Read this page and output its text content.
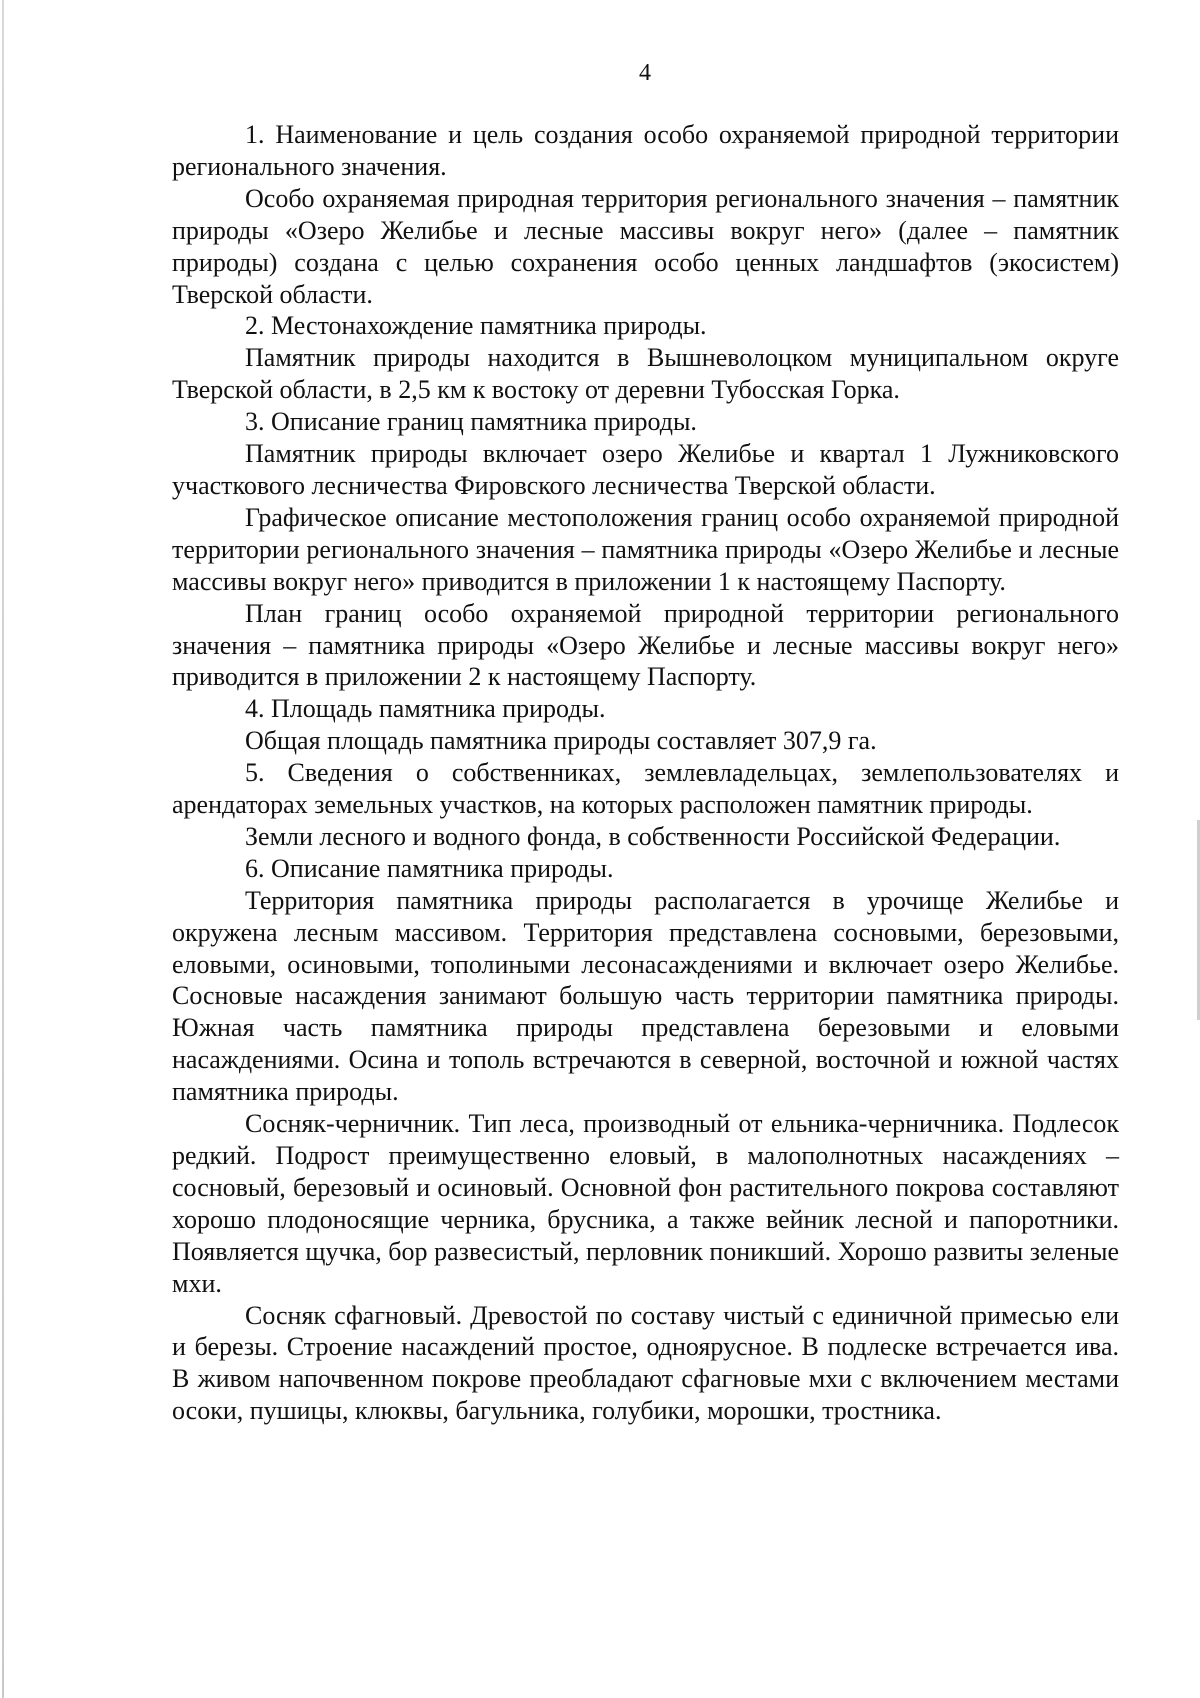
4

1. Наименование и цель создания особо охраняемой природной территории регионального значения.

Особо охраняемая природная территория регионального значения – памятник природы «Озеро Желибье и лесные массивы вокруг него» (далее – памятник природы) создана с целью сохранения особо ценных ландшафтов (экосистем) Тверской области.

2. Местонахождение памятника природы.

Памятник природы находится в Вышневолоцком муниципальном округе Тверской области, в 2,5 км к востоку от деревни Тубосская Горка.

3. Описание границ памятника природы.

Памятник природы включает озеро Желибье и квартал 1 Лужниковского участкового лесничества Фировского лесничества Тверской области.

Графическое описание местоположения границ особо охраняемой природной территории регионального значения – памятника природы «Озеро Желибье и лесные массивы вокруг него» приводится в приложении 1 к настоящему Паспорту.

План границ особо охраняемой природной территории регионального значения – памятника природы «Озеро Желибье и лесные массивы вокруг него» приводится в приложении 2 к настоящему Паспорту.

4. Площадь памятника природы.

Общая площадь памятника природы составляет 307,9 га.

5. Сведения о собственниках, землевладельцах, землепользователях и арендаторах земельных участков, на которых расположен памятник природы.

Земли лесного и водного фонда, в собственности Российской Федерации.

6. Описание памятника природы.

Территория памятника природы располагается в урочище Желибье и окружена лесным массивом. Территория представлена сосновыми, березовыми, еловыми, осиновыми, тополиными лесонасаждениями и включает озеро Желибье. Сосновые насаждения занимают большую часть территории памятника природы. Южная часть памятника природы представлена березовыми и еловыми насаждениями. Осина и тополь встречаются в северной, восточной и южной частях памятника природы.

Сосняк-черничник. Тип леса, производный от ельника-черничника. Подлесок редкий. Подрост преимущественно еловый, в малополнотных насаждениях – сосновый, березовый и осиновый. Основной фон растительного покрова составляют хорошо плодоносящие черника, брусника, а также вейник лесной и папоротники. Появляется щучка, бор развесистый, перловник поникший. Хорошо развиты зеленые мхи.

Сосняк сфагновый. Древостой по составу чистый с единичной примесью ели и березы. Строение насаждений простое, одноярусное. В подлеске встречается ива. В живом напочвенном покрове преобладают сфагновые мхи с включением местами осоки, пушицы, клюквы, багульника, голубики, морошки, тростника.
